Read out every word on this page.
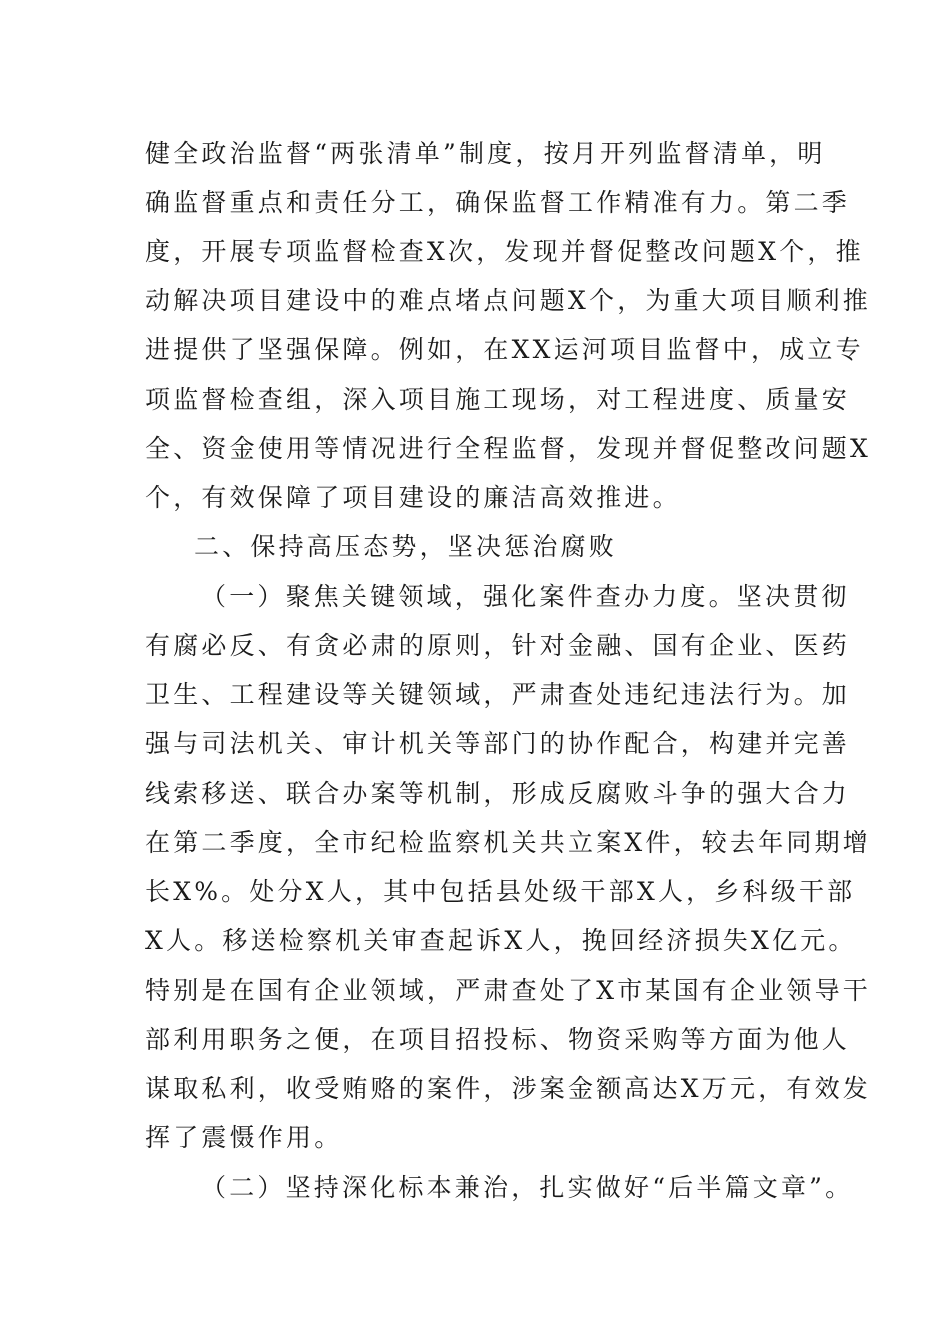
健全政治监督“两张清单”制度，按月开列监督清单，明
确监督重点和责任分工，确保监督工作精准有力。第二季
度，开展专项监督检查X次，发现并督促整改问题X个，推
动解决项目建设中的难点堵点问题X个，为重大项目顺利推
进提供了坚强保障。例如，在XX运河项目监督中，成立专
项监督检查组，深入项目施工现场，对工程进度、质量安
全、资金使用等情况进行全程监督，发现并督促整改问题X
个，有效保障了项目建设的廉洁高效推进。
二、保持高压态势，坚决惩治腐败
（一）聚焦关键领域，强化案件查办力度。坚决贯彻
有腐必反、有贪必肃的原则，针对金融、国有企业、医药
卫生、工程建设等关键领域，严肃查处违纪违法行为。加
强与司法机关、审计机关等部门的协作配合，构建并完善
线索移送、联合办案等机制，形成反腐败斗争的强大合力
在第二季度，全市纪检监察机关共立案X件，较去年同期增
长X%。处分X人，其中包括县处级干部X人，乡科级干部
X人。移送检察机关审查起诉X人，挽回经济损失X亿元。
特别是在国有企业领域，严肃查处了X市某国有企业领导干
部利用职务之便，在项目招投标、物资采购等方面为他人
谋取私利，收受贿赂的案件，涉案金额高达X万元，有效发
挥了震慑作用。
（二）坚持深化标本兼治，扎实做好“后半篇文章”。
